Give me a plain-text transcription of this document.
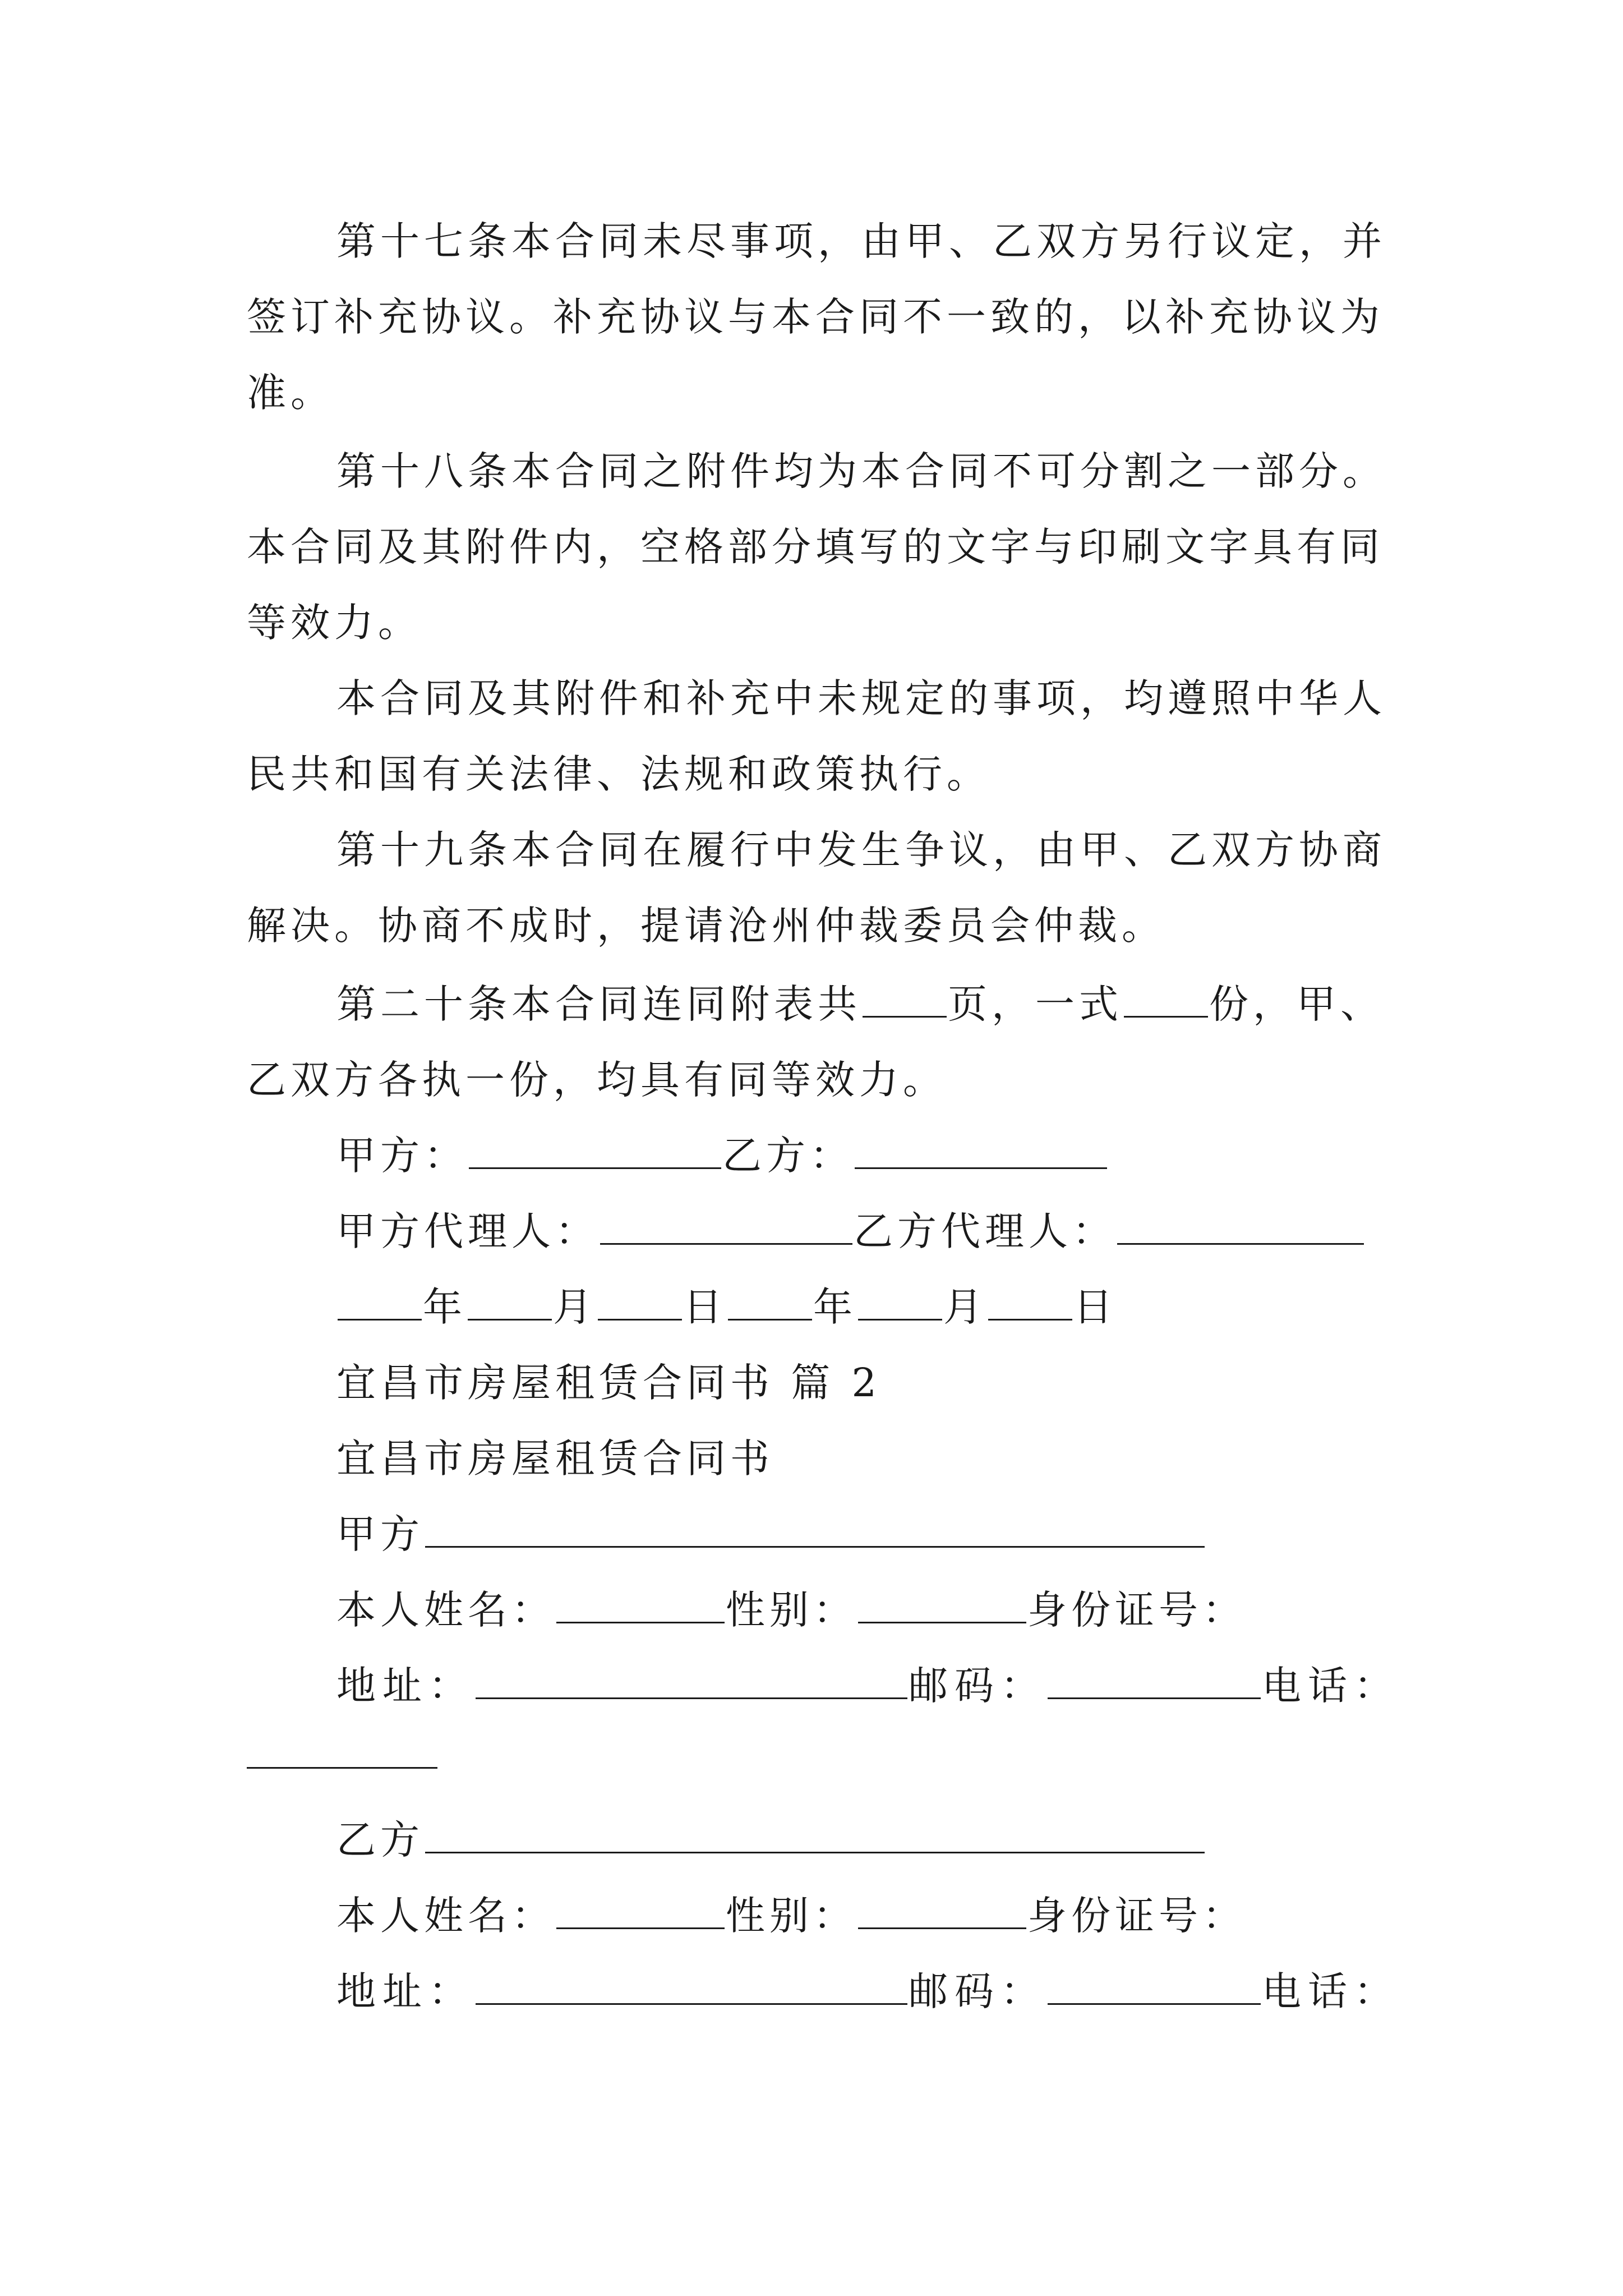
第十七条本合同未尽事项，由甲、乙双方另行议定，并
签订补充协议。补充协议与本合同不一致的，以补充协议为
准。
第十八条本合同之附件均为本合同不可分割之一部分。
本合同及其附件内，空格部分填写的文字与印刷文字具有同
等效力。
本合同及其附件和补充中未规定的事项，均遵照中华人
民共和国有关法律、法规和政策执行。
第十九条本合同在履行中发生争议，由甲、乙双方协商
解决。协商不成时，提请沧州仲裁委员会仲裁。
第二十条本合同连同附表共 页，一式 份，甲、
乙双方各执一份，均具有同等效力。
甲方：	乙方：
甲方代理人：	乙方代理人：
年 月 日 年 月 日
宜昌市房屋租赁合同书 篇 2
宜昌市房屋租赁合同书
甲方
本人姓名：	性别：	身份证号：
地址：	邮码：	电话：
乙方
本人姓名：	性别：	身份证号：
地址：	邮码：	电话：
